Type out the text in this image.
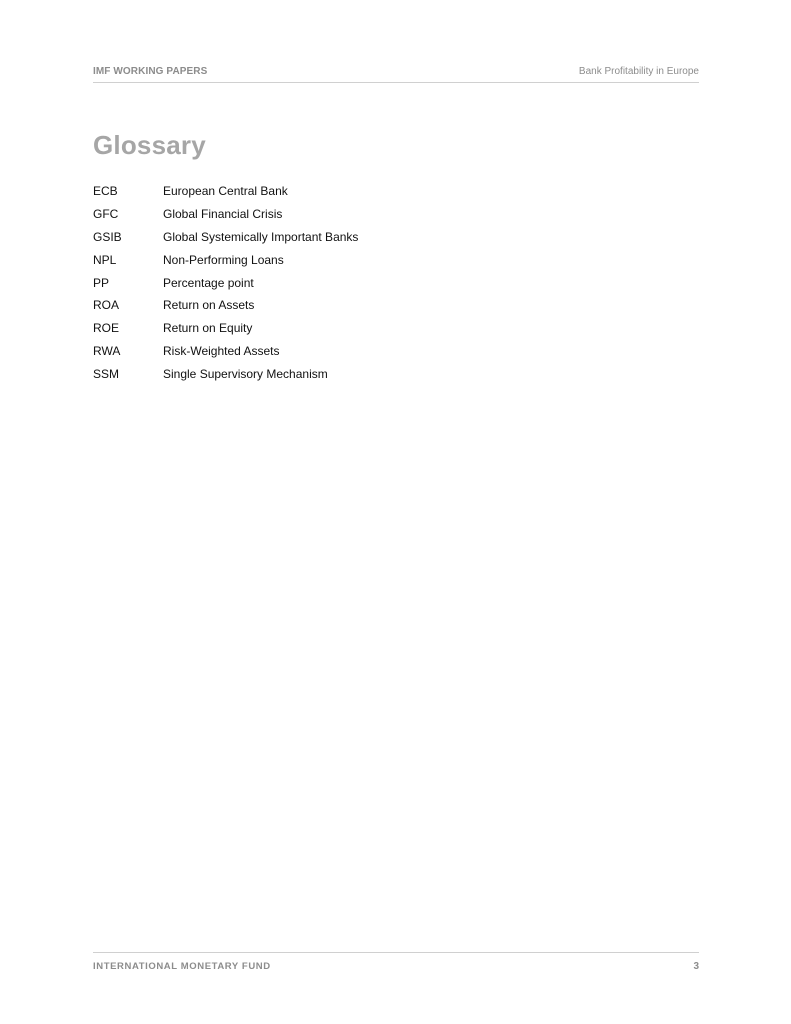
IMF WORKING PAPERS	Bank Profitability in Europe
Glossary
ECB	European Central Bank
GFC	Global Financial Crisis
GSIB	Global Systemically Important Banks
NPL	Non-Performing Loans
PP	Percentage point
ROA	Return on Assets
ROE	Return on Equity
RWA	Risk-Weighted Assets
SSM	Single Supervisory Mechanism
INTERNATIONAL MONETARY FUND	3
